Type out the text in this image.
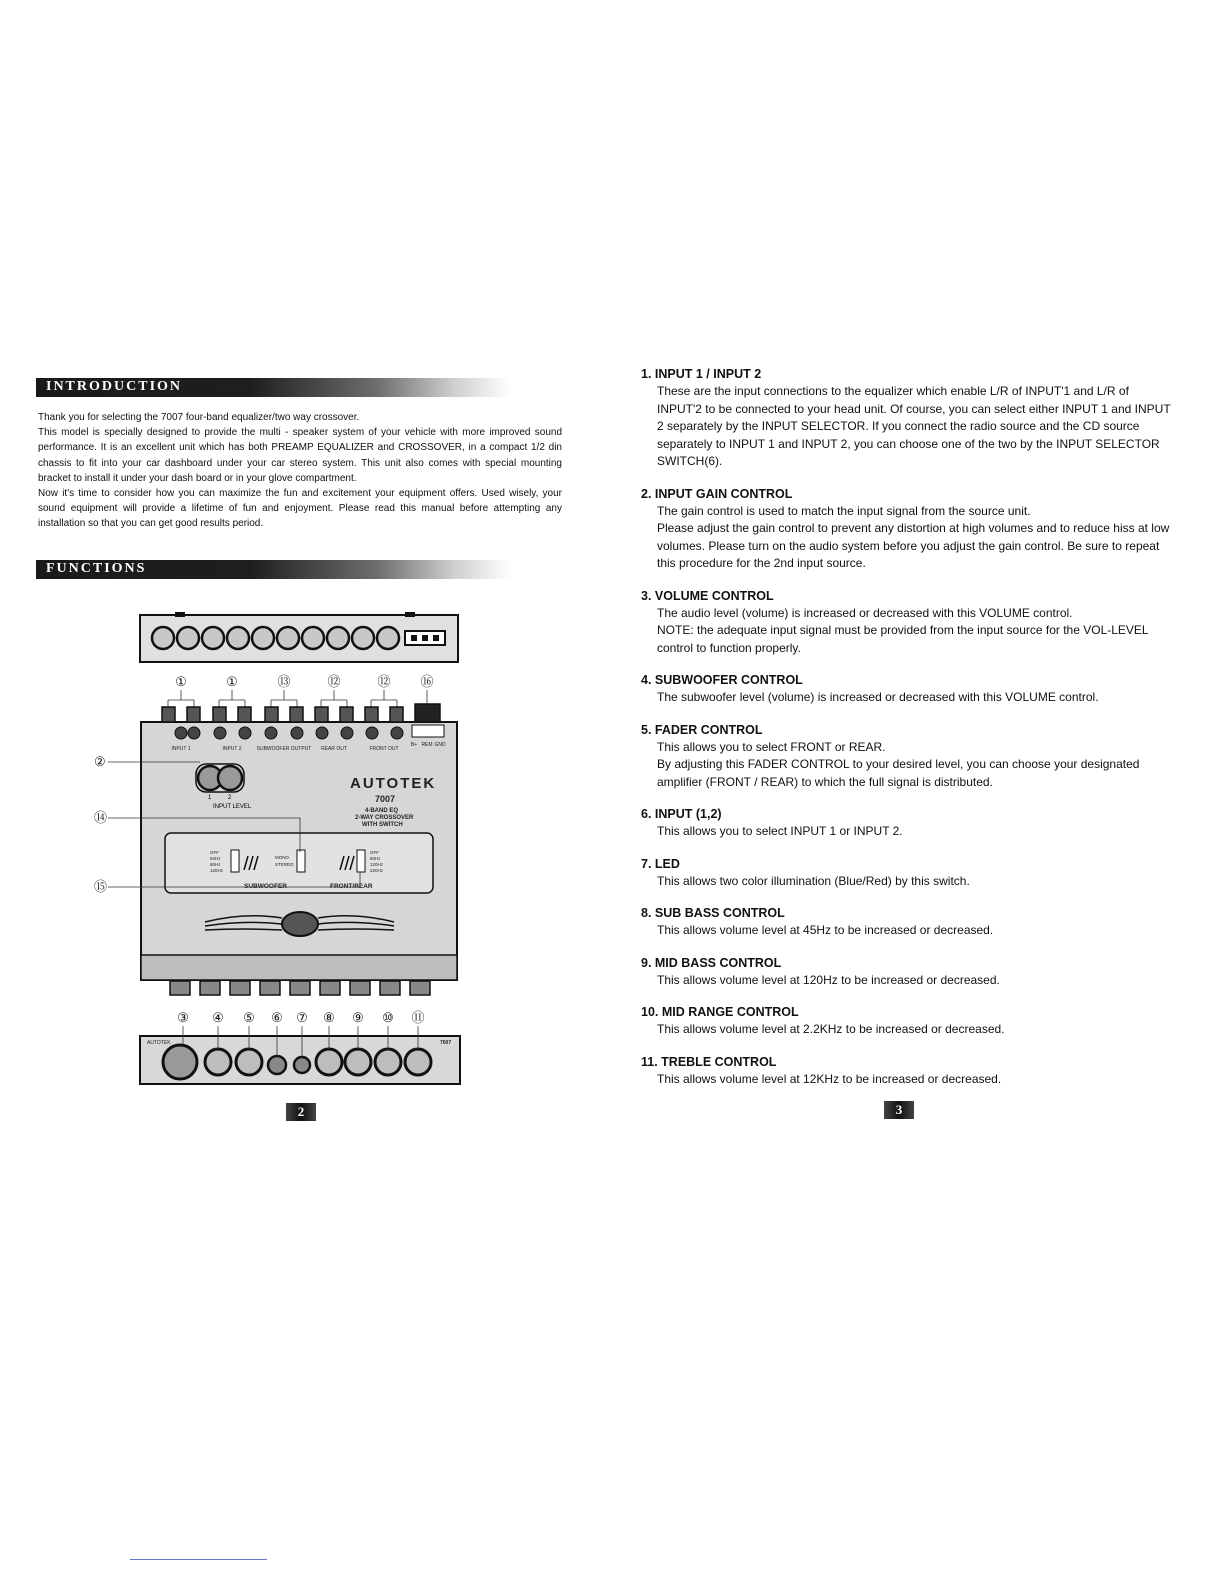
INTRODUCTION

Thank you for selecting the 7007 four-band equalizer/two way crossover.

This model is specially designed to provide the multi - speaker system of your vehicle with more improved sound performance. It is an excellent unit which has both PREAMP EQUALIZER and CROSSOVER, in a compact 1/2 din chassis to fit into your car dashboard under your car stereo system. This unit also comes with special mounting bracket to install it under your dash board or in your glove compartment.

Now it's time to consider how you can maximize the fun and excitement your equipment offers. Used wisely, your sound equipment will provide a lifetime of fun and enjoyment. Please read this manual before attempting any installation so that you can get good results period.

FUNCTIONS
①	①	⑬	⑫	⑫ ⑯
INPUT 1	INPUT 2	SUBWOOFER OUTPUT REAR OUT	FRONT OUT
B+ REM GND
1	2
INPUT LEVEL
AUTOTEK
7007
4-BAND EQ
2-WAY CROSSOVER
WITH SWITCH
OFF
50Hz
80Hz
120Hz
MONO
STEREO
OFF
80Hz
120Hz
220Hz
SUBWOOFER	FRONT/REAR
②
⑭
⑮
③ ④ ⑤ ⑥ ⑦ ⑧ ⑨ ⑩ ⑪
AUTOTEK	7007
2
1. INPUT 1 / INPUT 2
These are the input connections to the equalizer which enable L/R of INPUT'1 and L/R of INPUT'2 to be connected to your head unit. Of course, you can select either INPUT 1 and INPUT 2 separately by the INPUT SELECTOR. If you connect the radio source and the CD source separately to INPUT 1 and INPUT 2, you can choose one of the two by the INPUT SELECTOR SWITCH(6).
2. INPUT GAIN CONTROL
The gain control is used to match the input signal from the source unit.
Please adjust the gain control to prevent any distortion at high volumes and to reduce hiss at low volumes. Please turn on the audio system before you adjust the gain control. Be sure to repeat this procedure for the 2nd input source.
3. VOLUME CONTROL
The audio level (volume) is increased or decreased with this VOLUME control.
NOTE: the adequate input signal must be provided from the input source for the VOL-LEVEL control to function properly.
4. SUBWOOFER CONTROL
The subwoofer level (volume) is increased or decreased with this VOLUME control.
5. FADER CONTROL
This allows you to select FRONT or REAR.
By adjusting this FADER CONTROL to your desired level, you can choose your designated amplifier (FRONT / REAR) to which the full signal is distributed.
6. INPUT (1,2)
This allows you to select INPUT 1 or INPUT 2.
7. LED
This allows two color illumination (Blue/Red) by this switch.
8. SUB BASS CONTROL
This allows volume level at 45Hz to be increased or decreased.
9. MID BASS CONTROL
This allows volume level at 120Hz to be increased or decreased.
10. MID RANGE CONTROL
This allows volume level at 2.2KHz to be increased or decreased.
11. TREBLE CONTROL
This allows volume level at 12KHz to be increased or decreased.
3
